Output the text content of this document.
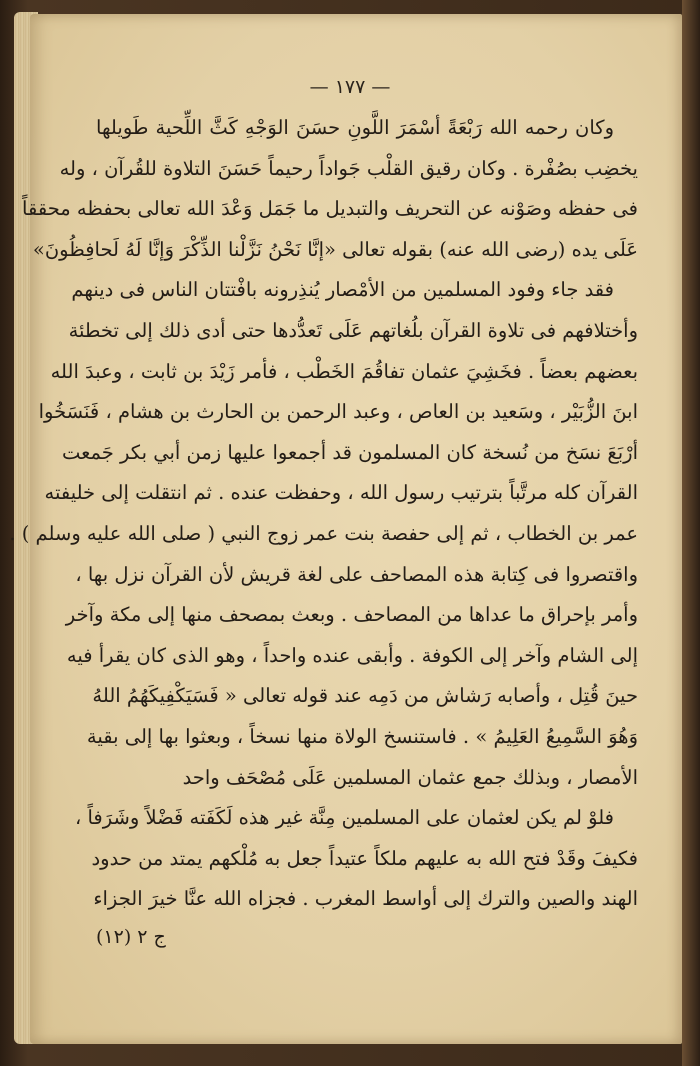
— ١٧٧ —
وكان رحمه الله رَبْعَةً أسْمَرَ اللَّونِ حسَنَ الوَجْهِ كَثَّ اللِّحية طَويلها
يخضِب بصُفْرة . وكان رقيق القلْب جَواداً رحيماً حَسَنَ التلاوة للقُرآن ، وله
فى حفظه وصَوْنه عن التحريف والتبديل ما جَمَل وَعْدَ الله تعالى بحفظه محققاً
عَلَى يده (رضى الله عنه) بقوله تعالى «إنَّا نَحْنُ نَزَّلْنا الذِّكْرَ وَإنَّا لَهُ لَحافِظُونَ»
فقد جاء وفود المسلمين من الأمْصار يُنذِرونه بافْتتان الناس فى دينهم
وأختلافهم فى تلاوة القرآن بلُغاتهم عَلَى تَعدُّدها حتى أدى ذلك إلى تخطئة
بعضهم بعضاً . فخَشِيَ عثمان تفاقُمَ الخَطْب ، فأمر زَيْدَ بن ثابت ، وعبدَ الله
ابنَ الزُّبَيْر ، وسَعيد بن العاص ، وعبد الرحمن بن الحارث بن هشام ، فَنَسَخُوا
أرْبَعَ نسَخ من نُسخة كان المسلمون قد أجمعوا عليها زمن أبي بكر جَمعت
القرآن كله مرتَّباً بترتيب رسول الله ، وحفظت عنده . ثم انتقلت إلى خليفته
عمر بن الخطاب ، ثم إلى حفصة بنت عمر زوج النبي ( صلى الله عليه وسلم ) .
واقتصروا فى كِتابة هذه المصاحف على لغة قريش لأن القرآن نزل بها ،
وأمر بإحراق ما عداها من المصاحف . وبعث بمصحف منها إلى مكة وآخر
إلى الشام وآخر إلى الكوفة . وأبقى عنده واحداً ، وهو الذى كان يقرأ فيه
حينَ قُتِل ، وأصابه رَشاش من دَمِه عند قوله تعالى « فَسَيَكْفِيكَهُمُ اللهُ
وَهُوَ السَّمِيعُ العَلِيمُ » . فاستنسخ الولاة منها نسخاً ، وبعثوا بها إلى بقية
الأمصار ، وبذلك جمع عثمان المسلمين عَلَى مُصْحَف واحد
فلوْ لم يكن لعثمان على المسلمين مِنَّة غير هذه لَكَفَته فَضْلاً وشَرَفاً ،
فكيفَ وقَدْ فتح الله به عليهم ملكاً عتيداً جعل به مُلْكهم يمتد من حدود
الهند والصين والترك إلى أواسط المغرب . فجزاه الله عنَّا خيرَ الجزاء
ج ٢ (١٢)
